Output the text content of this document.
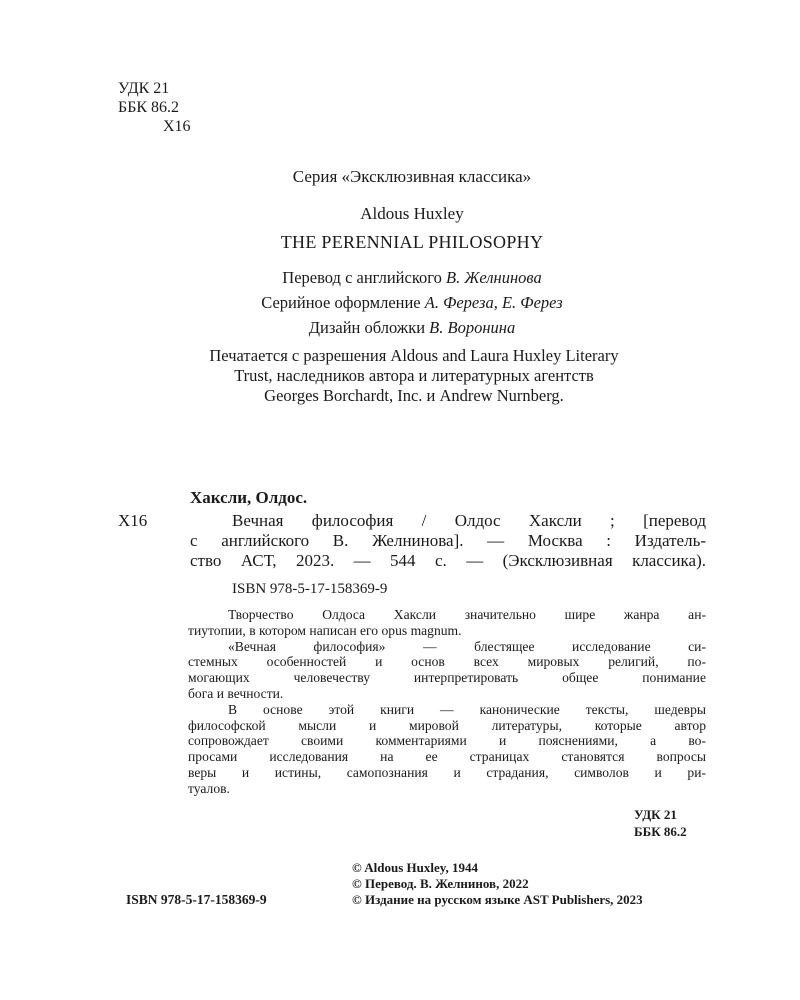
УДК 21
ББК 86.2
Х16
Серия «Эксклюзивная классика»
Aldous Huxley
THE PERENNIAL PHILOSOPHY
Перевод с английского В. Желнинова
Серийное оформление А. Фереза, Е. Ферез
Дизайн обложки В. Воронина
Печатается с разрешения Aldous and Laura Huxley Literary
Trust, наследников автора и литературных агентств
Georges Borchardt, Inc. и Andrew Nurnberg.
Хаксли, Олдос.
Х16	Вечная философия / Олдос Хаксли ; [перевод
с английского В. Желнинова]. — Москва : Издатель-
ство АСТ, 2023. — 544 с. — (Эксклюзивная классика).
ISBN 978-5-17-158369-9
Творчество Олдоса Хаксли значительно шире жанра ан-
тиутопии, в котором написан его opus magnum.
«Вечная философия» — блестящее исследование си-
стемных особенностей и основ всех мировых религий, по-
могающих человечеству интерпретировать общее понимание
бога и вечности.
В основе этой книги — канонические тексты, шедевры
философской мысли и мировой литературы, которые автор
сопровождает своими комментариями и пояснениями, а во-
просами исследования на ее страницах становятся вопросы
веры и истины, самопознания и страдания, символов и ри-
туалов.
УДК 21
ББК 86.2
ISBN 978-5-17-158369-9
© Aldous Huxley, 1944
© Перевод. В. Желнинов, 2022
© Издание на русском языке AST Publishers, 2023
